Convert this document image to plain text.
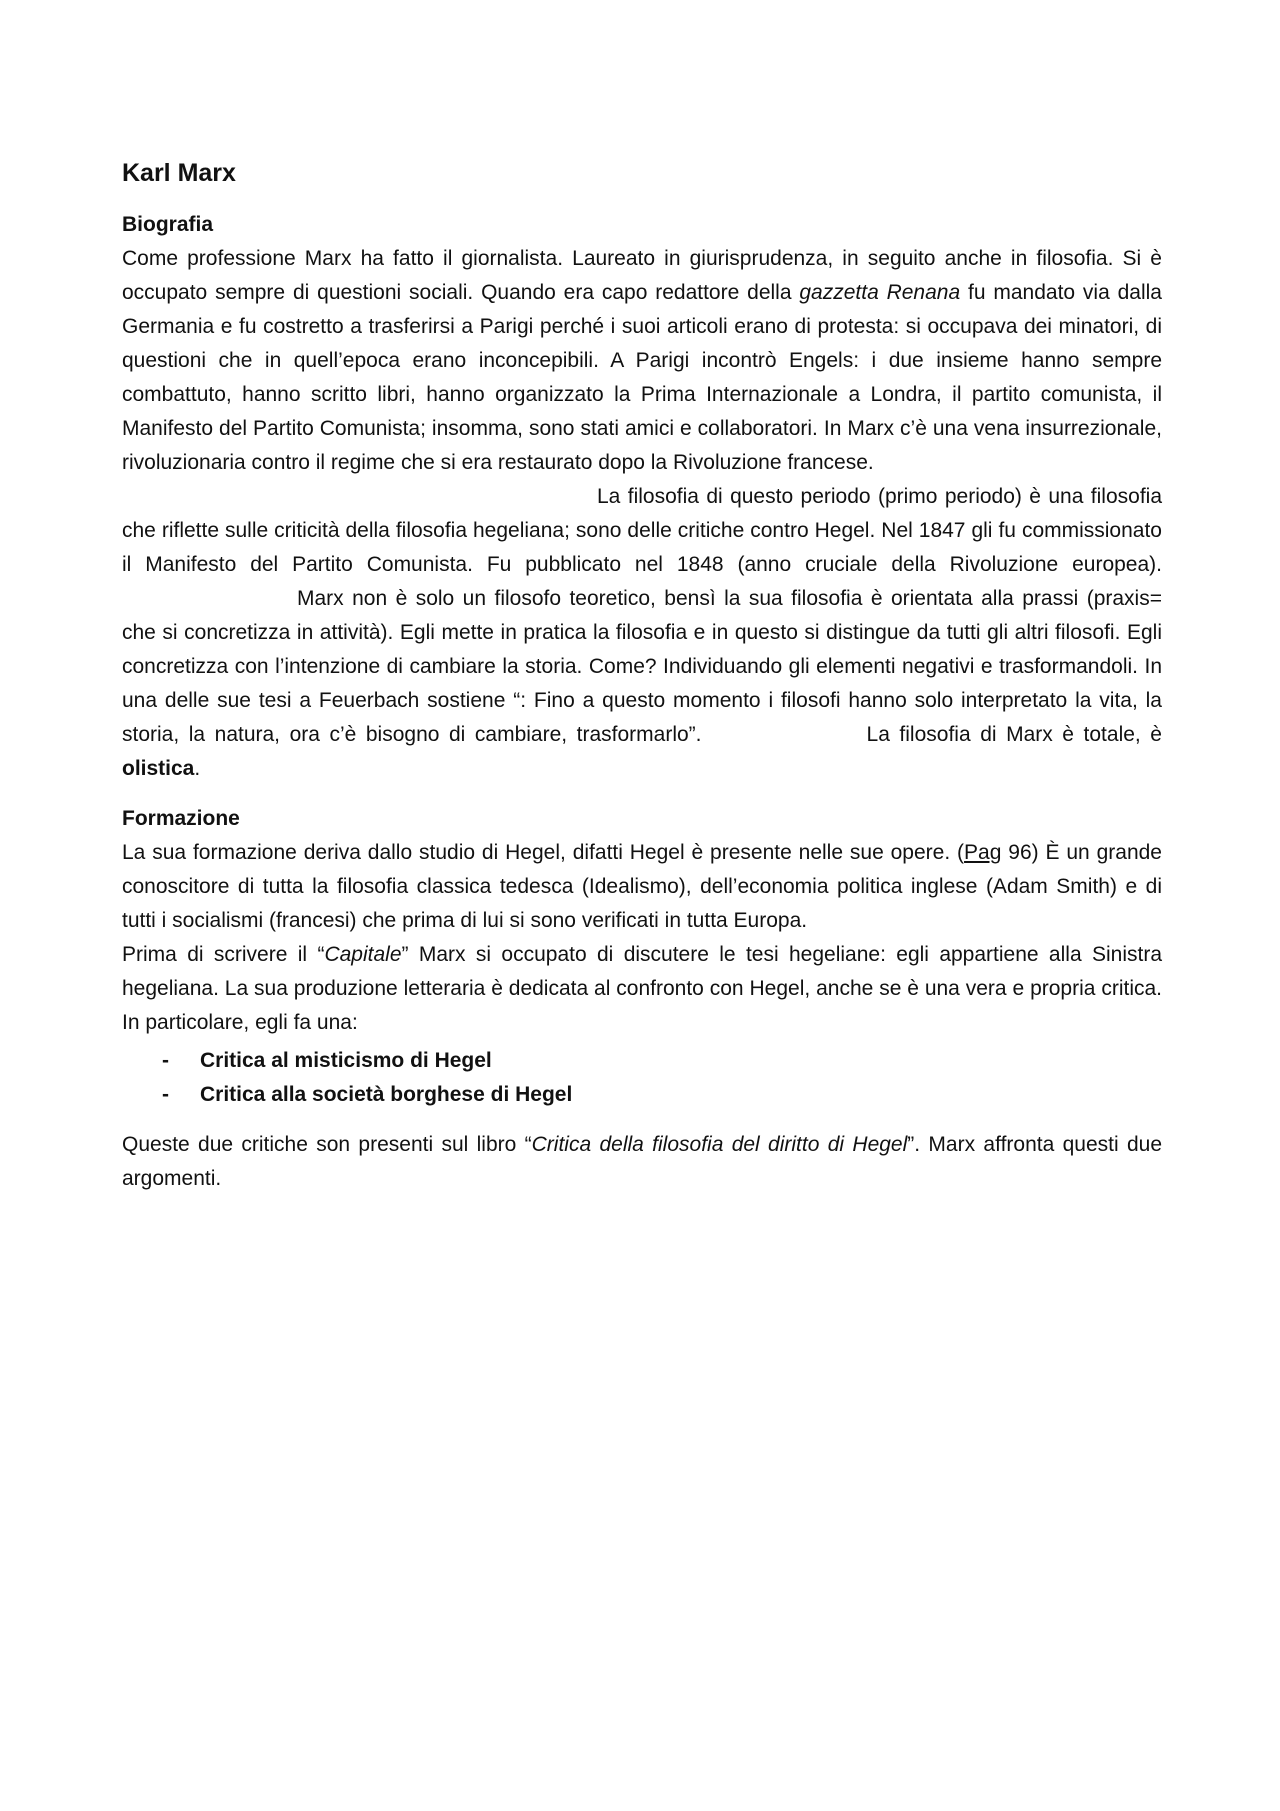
Karl Marx
Biografia

Come professione Marx ha fatto il giornalista. Laureato in giurisprudenza, in seguito anche in filosofia. Si è occupato sempre di questioni sociali. Quando era capo redattore della gazzetta Renana fu mandato via dalla Germania e fu costretto a trasferirsi a Parigi perché i suoi articoli erano di protesta: si occupava dei minatori, di questioni che in quell’epoca erano inconcepibili. A Parigi incontrò Engels: i due insieme hanno sempre combattuto, hanno scritto libri, hanno organizzato la Prima Internazionale a Londra, il partito comunista, il Manifesto del Partito Comunista; insomma, sono stati amici e collaboratori. In Marx c’è una vena insurrezionale, rivoluzionaria contro il regime che si era restaurato dopo la Rivoluzione francese.

La filosofia di questo periodo (primo periodo) è una filosofia che riflette sulle criticità della filosofia hegeliana; sono delle critiche contro Hegel. Nel 1847 gli fu commissionato il Manifesto del Partito Comunista. Fu pubblicato nel 1848 (anno cruciale della Rivoluzione europea).Marx non è solo un filosofo teoretico, bensì la sua filosofia è orientata alla prassi (praxis= che si concretizza in attività). Egli mette in pratica la filosofia e in questo si distingue da tutti gli altri filosofi. Egli concretizza con l’intenzione di cambiare la storia. Come? Individuando gli elementi negativi e trasformandoli. In una delle sue tesi a Feuerbach sostiene “: Fino a questo momento i filosofi hanno solo interpretato la vita, la storia, la natura, ora c’è bisogno di cambiare, trasformarlo”.	La filosofia di Marx è totale, è olistica.

Formazione

La sua formazione deriva dallo studio di Hegel, difatti Hegel è presente nelle sue opere. (Pag 96) È un grande conoscitore di tutta la filosofia classica tedesca (Idealismo), dell’economia politica inglese (Adam Smith) e di tutti i socialismi (francesi) che prima di lui si sono verificati in tutta Europa.

Prima di scrivere il “Capitale” Marx si occupato di discutere le tesi hegeliane: egli appartiene alla Sinistra hegeliana. La sua produzione letteraria è dedicata al confronto con Hegel, anche se è una vera e propria critica. In particolare, egli fa una:

- Critica al misticismo di Hegel
- Critica alla società borghese di Hegel

Queste due critiche son presenti sul libro “Critica della filosofia del diritto di Hegel”. Marx affronta questi due argomenti.
